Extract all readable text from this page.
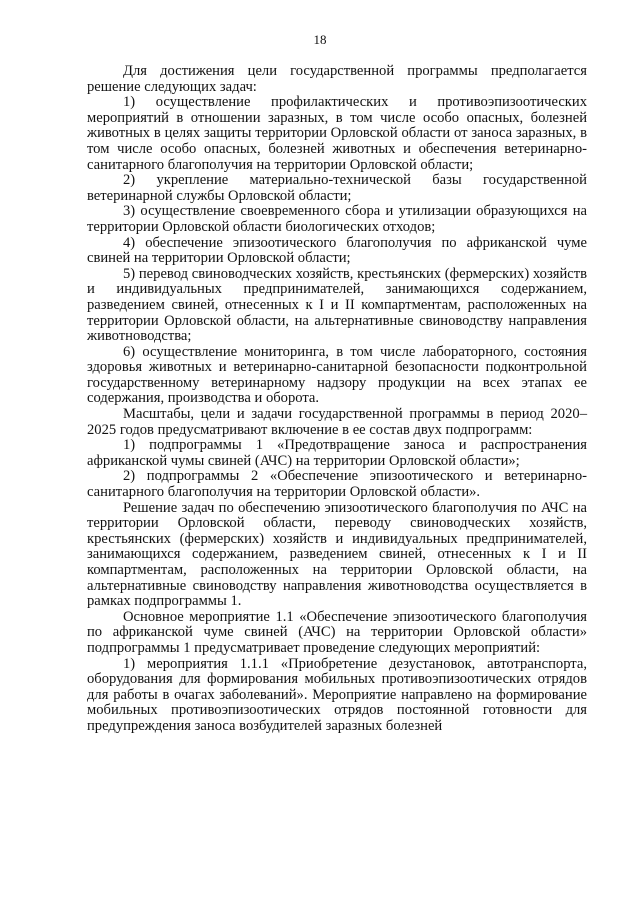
18

Для достижения цели государственной программы предполагается решение следующих задач:

1) осуществление профилактических и противоэпизоотических мероприятий в отношении заразных, в том числе особо опасных, болезней животных в целях защиты территории Орловской области от заноса заразных, в том числе особо опасных, болезней животных и обеспечения ветеринарно-санитарного благополучия на территории Орловской области;

2) укрепление материально-технической базы государственной ветеринарной службы Орловской области;

3) осуществление своевременного сбора и утилизации образующихся на территории Орловской области биологических отходов;

4) обеспечение эпизоотического благополучия по африканской чуме свиней на территории Орловской области;

5) перевод свиноводческих хозяйств, крестьянских (фермерских) хозяйств и индивидуальных предпринимателей, занимающихся содержанием, разведением свиней, отнесенных к I и II компартментам, расположенных на территории Орловской области, на альтернативные свиноводству направления животноводства;

6) осуществление мониторинга, в том числе лабораторного, состояния здоровья животных и ветеринарно-санитарной безопасности подконтрольной государственному ветеринарному надзору продукции на всех этапах ее содержания, производства и оборота.

Масштабы, цели и задачи государственной программы в период 2020–2025 годов предусматривают включение в ее состав двух подпрограмм:

1) подпрограммы 1 «Предотвращение заноса и распространения африканской чумы свиней (АЧС) на территории Орловской области»;

2) подпрограммы 2 «Обеспечение эпизоотического и ветеринарно-санитарного благополучия на территории Орловской области».

Решение задач по обеспечению эпизоотического благополучия по АЧС на территории Орловской области, переводу свиноводческих хозяйств, крестьянских (фермерских) хозяйств и индивидуальных предпринимателей, занимающихся содержанием, разведением свиней, отнесенных к I и II компартментам, расположенных на территории Орловской области, на альтернативные свиноводству направления животноводства осуществляется в рамках подпрограммы 1.

Основное мероприятие 1.1 «Обеспечение эпизоотического благополучия по африканской чуме свиней (АЧС) на территории Орловской области» подпрограммы 1 предусматривает проведение следующих мероприятий:

1) мероприятия 1.1.1 «Приобретение дезустановок, автотранспорта, оборудования для формирования мобильных противоэпизоотических отрядов для работы в очагах заболеваний». Мероприятие направлено на формирование мобильных противоэпизоотических отрядов постоянной готовности для предупреждения заноса возбудителей заразных болезней
